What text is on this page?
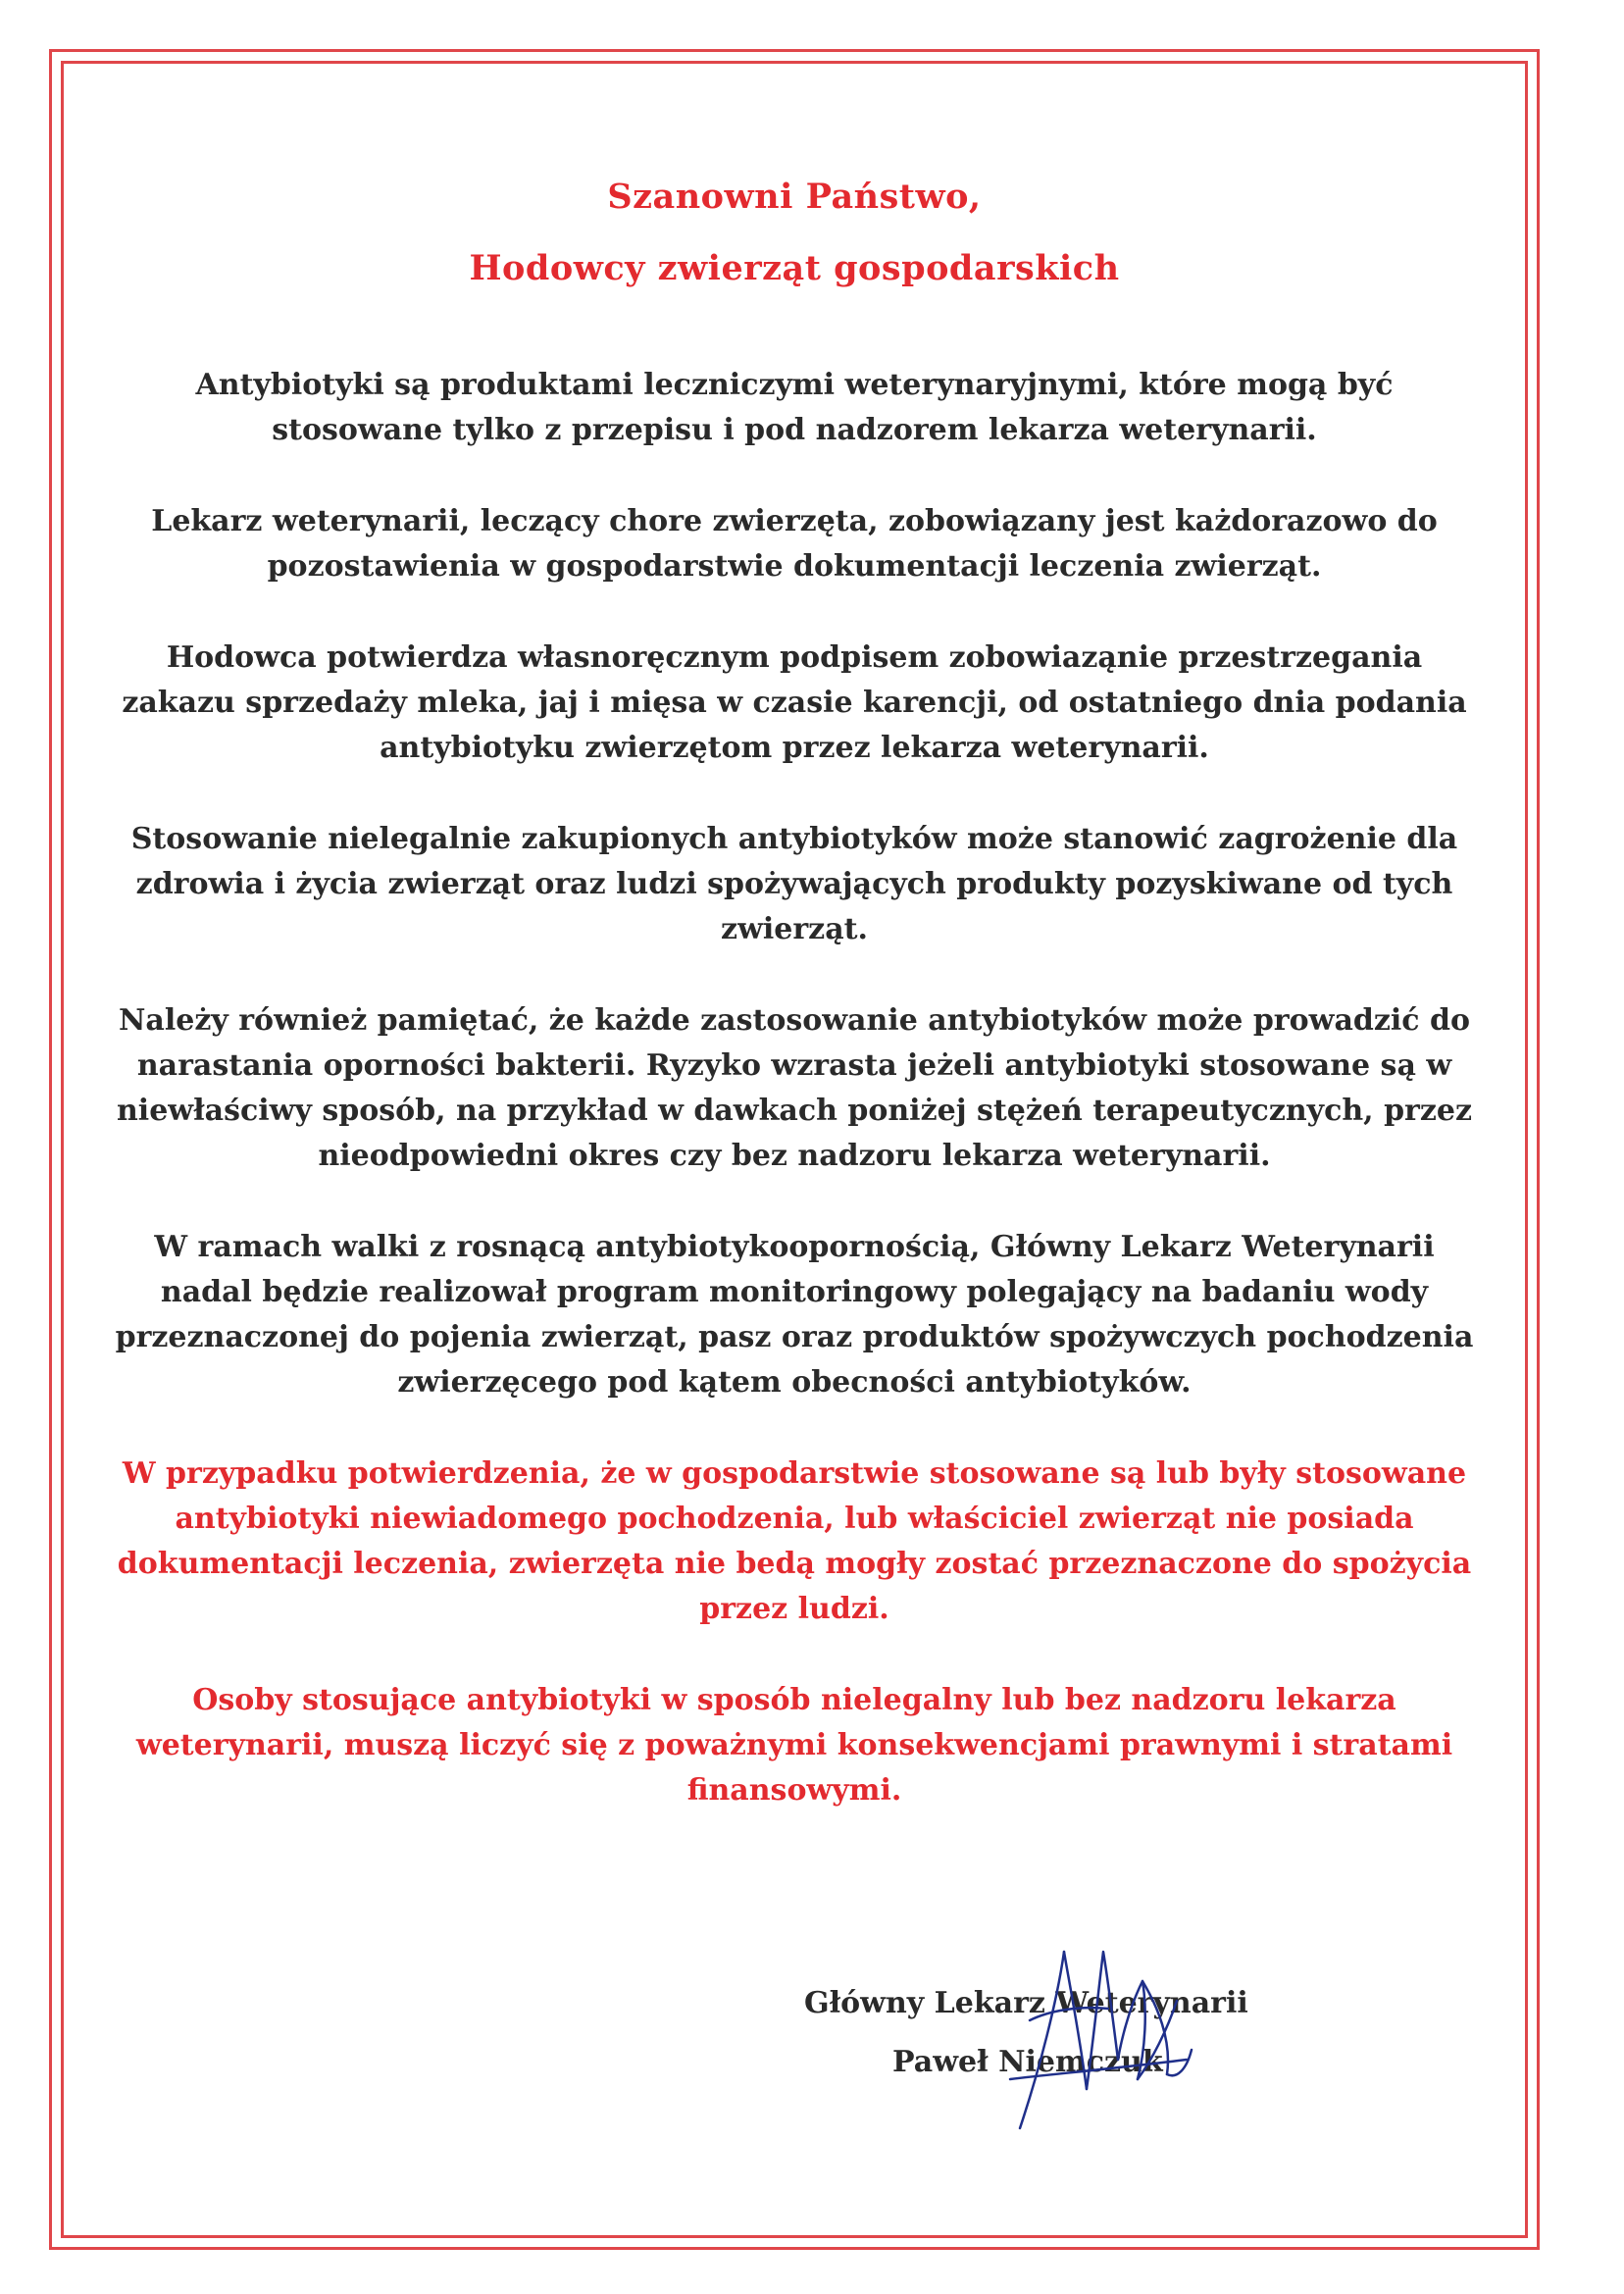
Szanowni Państwo,

Hodowcy zwierząt gospodarskich

Antybiotyki są produktami leczniczymi weterynaryjnymi, które mogą być stosowane tylko z przepisu i pod nadzorem lekarza weterynarii.

Lekarz weterynarii, leczący chore zwierzęta, zobowiązany jest każdorazowo do pozostawienia w gospodarstwie dokumentacji leczenia zwierząt.

Hodowca potwierdza własnoręcznym podpisem zobowiaząnie przestrzegania zakazu sprzedaży mleka, jaj i mięsa w czasie karencji, od ostatniego dnia podania antybiotyku zwierzętom przez lekarza weterynarii.

Stosowanie nielegalnie zakupionych antybiotyków może stanowić zagrożenie dla zdrowia i życia zwierząt oraz ludzi spożywających produkty pozyskiwane od tych zwierząt.

Należy również pamiętać, że każde zastosowanie antybiotyków może prowadzić do narastania oporności bakterii. Ryzyko wzrasta jeżeli antybiotyki stosowane są w niewłaściwy sposób, na przykład w dawkach poniżej stężeń terapeutycznych, przez nieodpowiedni okres czy bez nadzoru lekarza weterynarii.

W ramach walki z rosnącą antybiotykoopornością, Główny Lekarz Weterynarii nadal będzie realizował program monitoringowy polegający na badaniu wody przeznaczonej do pojenia zwierząt, pasz oraz produktów spożywczych pochodzenia zwierzęcego pod kątem obecności antybiotyków.

W przypadku potwierdzenia, że w gospodarstwie stosowane są lub były stosowane antybiotyki niewiadomego pochodzenia, lub właściciel zwierząt nie posiada dokumentacji leczenia, zwierzęta nie bedą mogły zostać przeznaczone do spożycia przez ludzi.

Osoby stosujące antybiotyki w sposób nielegalny lub bez nadzoru lekarza weterynarii, muszą liczyć się z poważnymi konsekwencjami prawnymi i stratami finansowymi.

Główny Lekarz Weterynarii

Paweł Niemczuk
